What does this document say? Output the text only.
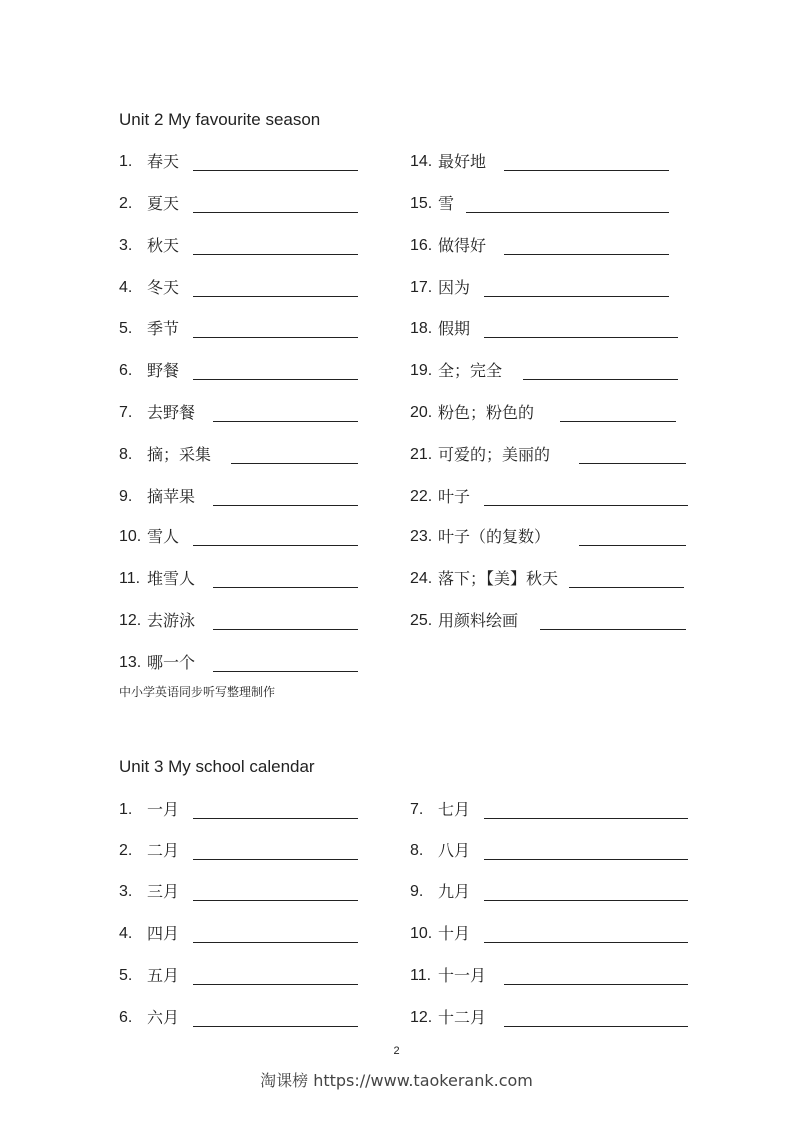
Unit 2 My favourite season
1. 春天
2. 夏天
3. 秋天
4. 冬天
5. 季节
6. 野餐
7. 去野餐
8. 摘；采集
9. 摘苹果
10. 雪人
11. 堆雪人
12. 去游泳
13. 哪一个
14. 最好地
15. 雪
16. 做得好
17. 因为
18. 假期
19. 全；完全
20. 粉色；粉色的
21. 可爱的；美丽的
22. 叶子
23. 叶子（的复数）
24. 落下；【美】秋天
25. 用颜料绘画
中小学英语同步听写整理制作
Unit 3 My school calendar
1. 一月
2. 二月
3. 三月
4. 四月
5. 五月
6. 六月
7. 七月
8. 八月
9. 九月
10. 十月
11. 十一月
12. 十二月
2
淘课榜 https://www.taokerank.com
